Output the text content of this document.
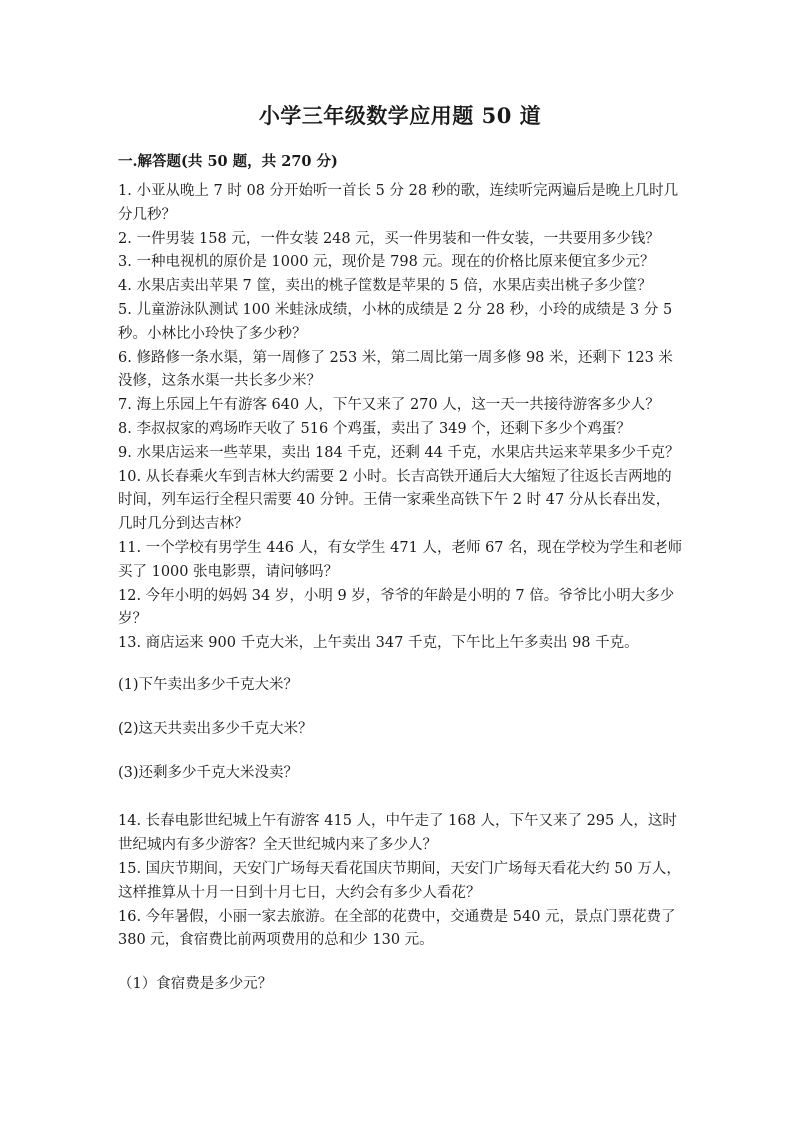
小学三年级数学应用题 50 道
一.解答题(共 50 题，共 270 分)

1. 小亚从晚上 7 时 08 分开始听一首长 5 分 28 秒的歌，连续听完两遍后是晚上几时几分几秒？

2. 一件男装 158 元，一件女装 248 元，买一件男装和一件女装，一共要用多少钱？

3. 一种电视机的原价是 1000 元，现价是 798 元。现在的价格比原来便宜多少元？

4. 水果店卖出苹果 7 筐，卖出的桃子筐数是苹果的 5 倍，水果店卖出桃子多少筐？

5. 儿童游泳队测试 100 米蛙泳成绩，小林的成绩是 2 分 28 秒，小玲的成绩是 3 分 5 秒。小林比小玲快了多少秒？

6. 修路修一条水渠，第一周修了 253 米，第二周比第一周多修 98 米，还剩下 123 米没修，这条水渠一共长多少米？

7. 海上乐园上午有游客 640 人，下午又来了 270 人，这一天一共接待游客多少人？

8. 李叔叔家的鸡场昨天收了 516 个鸡蛋，卖出了 349 个，还剩下多少个鸡蛋？

9. 水果店运来一些苹果，卖出 184 千克，还剩 44 千克，水果店共运来苹果多少千克？

10. 从长春乘火车到吉林大约需要 2 小时。长吉高铁开通后大大缩短了往返长吉两地的时间，列车运行全程只需要 40 分钟。王倩一家乘坐高铁下午 2 时 47 分从长春出发，几时几分到达吉林？

11. 一个学校有男学生 446 人，有女学生 471 人，老师 67 名，现在学校为学生和老师买了 1000 张电影票，请问够吗？

12. 今年小明的妈妈 34 岁，小明 9 岁，爷爷的年龄是小明的 7 倍。爷爷比小明大多少岁？

13. 商店运来 900 千克大米，上午卖出 347 千克，下午比上午多卖出 98 千克。

(1)下午卖出多少千克大米？

(2)这天共卖出多少千克大米？

(3)还剩多少千克大米没卖？

14. 长春电影世纪城上午有游客 415 人，中午走了 168 人，下午又来了 295 人，这时世纪城内有多少游客？全天世纪城内来了多少人？

15. 国庆节期间，天安门广场每天看花国庆节期间，天安门广场每天看花大约 50 万人，这样推算从十月一日到十月七日，大约会有多少人看花？

16. 今年暑假，小丽一家去旅游。在全部的花费中，交通费是 540 元，景点门票花费了 380 元，食宿费比前两项费用的总和少 130 元。

（1）食宿费是多少元？
